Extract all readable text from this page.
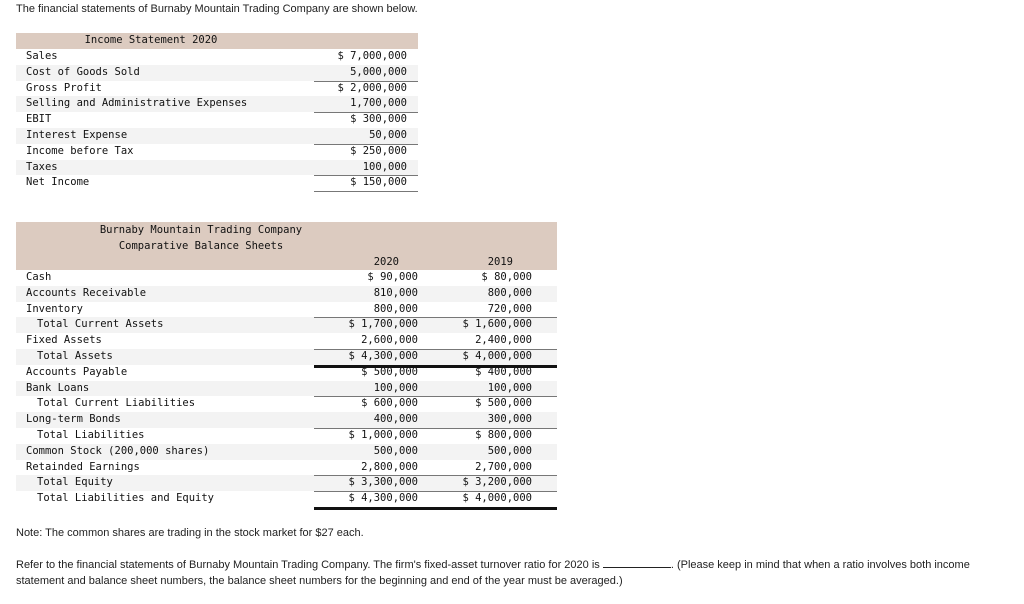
The financial statements of Burnaby Mountain Trading Company are shown below.
Income Statement 2020
Sales	$ 7,000,000
Cost of Goods Sold	5,000,000
Gross Profit	$ 2,000,000
Selling and Administrative Expenses	1,700,000
EBIT	$ 300,000
Interest Expense	50,000
Income before Tax	$ 250,000
Taxes	100,000
Net Income	$ 150,000
Burnaby Mountain Trading Company
Comparative Balance Sheets
2020	2019
Cash	$ 90,000	$ 80,000
Accounts Receivable	810,000	800,000
Inventory	800,000	720,000
Total Current Assets	$ 1,700,000	$ 1,600,000
Fixed Assets	2,600,000	2,400,000
Total Assets	$ 4,300,000	$ 4,000,000
Accounts Payable	$ 500,000	$ 400,000
Bank Loans	100,000	100,000
Total Current Liabilities	$ 600,000	$ 500,000
Long-term Bonds	400,000	300,000
Total Liabilities	$ 1,000,000	$ 800,000
Common Stock (200,000 shares)	500,000	500,000
Retainded Earnings	2,800,000	2,700,000
Total Equity	$ 3,300,000	$ 3,200,000
Total Liabilities and Equity	$ 4,300,000	$ 4,000,000
Note: The common shares are trading in the stock market for $27 each.
Refer to the financial statements of Burnaby Mountain Trading Company. The firm's fixed-asset turnover ratio for 2020 is	. (Please keep in mind that when a ratio involves both income statement and balance sheet numbers, the balance sheet numbers for the beginning and end of the year must be averaged.)
